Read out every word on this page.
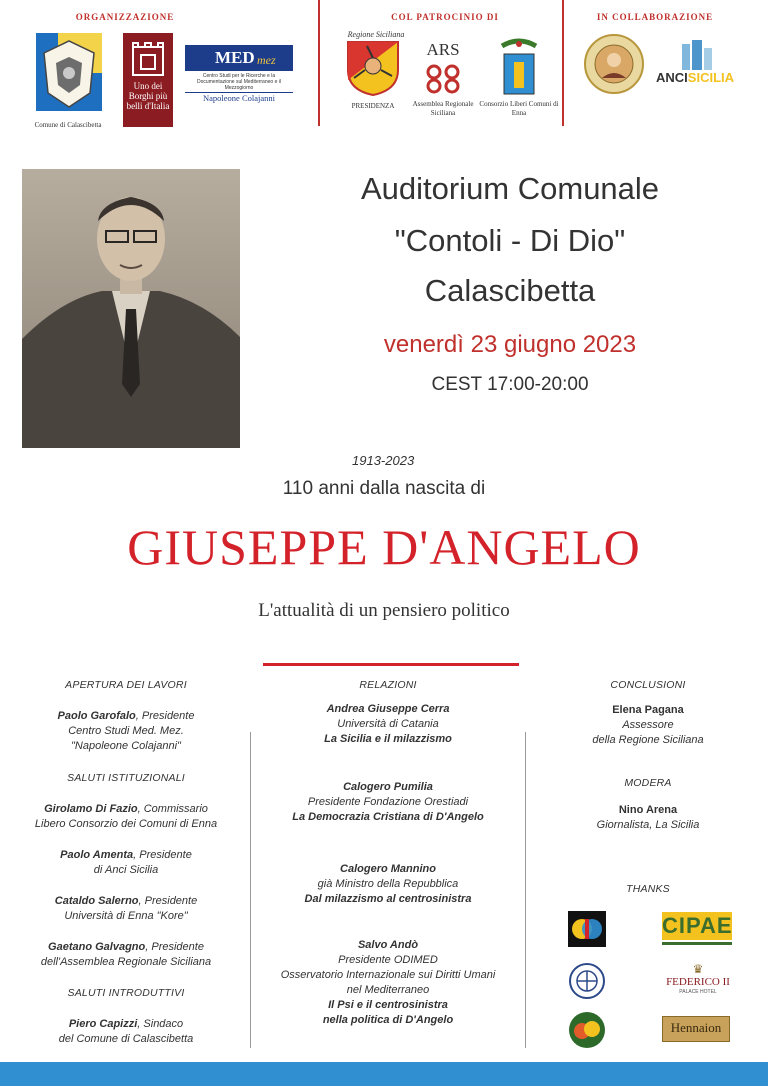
ORGANIZZAZIONE	COL PATROCINIO DI	IN COLLABORAZIONE
Comune di Calascibetta
Uno dei Borghi più belli d'Italia
MED mez
Centro Studi per le Ricerche e la Documentazione sul Mediterraneo e il Mezzogiorno
Napoleone Colajanni
Regione Siciliana
PRESIDENZA
ARS
Assemblea Regionale Siciliana
Consorzio Liberi Comuni di Enna
ANCISICILIA
Auditorium Comunale
"Contoli - Di Dio"
Calascibetta
venerdì 23 giugno 2023
CEST 17:00-20:00
1913-2023
110 anni dalla nascita di
GIUSEPPE D'ANGELO
L'attualità di un pensiero politico
APERTURA DEI LAVORI
Paolo Garofalo, Presidente
Centro Studi Med. Mez.
"Napoleone Colajanni"
SALUTI ISTITUZIONALI
Girolamo Di Fazio, Commissario
Libero Consorzio dei Comuni di Enna
Paolo Amenta, Presidente
di Anci Sicilia
Cataldo Salerno, Presidente
Università di Enna "Kore"
Gaetano Galvagno, Presidente
dell'Assemblea Regionale Siciliana
SALUTI INTRODUTTIVI
Piero Capizzi, Sindaco
del Comune di Calascibetta
RELAZIONI
Andrea Giuseppe Cerra
Università di Catania
La Sicilia e il milazzismo
Calogero Pumilia
Presidente Fondazione Orestiadi
La Democrazia Cristiana di D'Angelo
Calogero Mannino
già Ministro della Repubblica
Dal milazzismo al centrosinistra
Salvo Andò
Presidente ODIMED
Osservatorio Internazionale sui Diritti Umani
nel Mediterraneo
Il Psi e il centrosinistra
nella politica di D'Angelo
CONCLUSIONI
Elena Pagana
Assessore
della Regione Siciliana
MODERA
Nino Arena
Giornalista, La Sicilia
THANKS
CIPAE
♛
FEDERICO II
PALACE HOTEL
Hennaion
